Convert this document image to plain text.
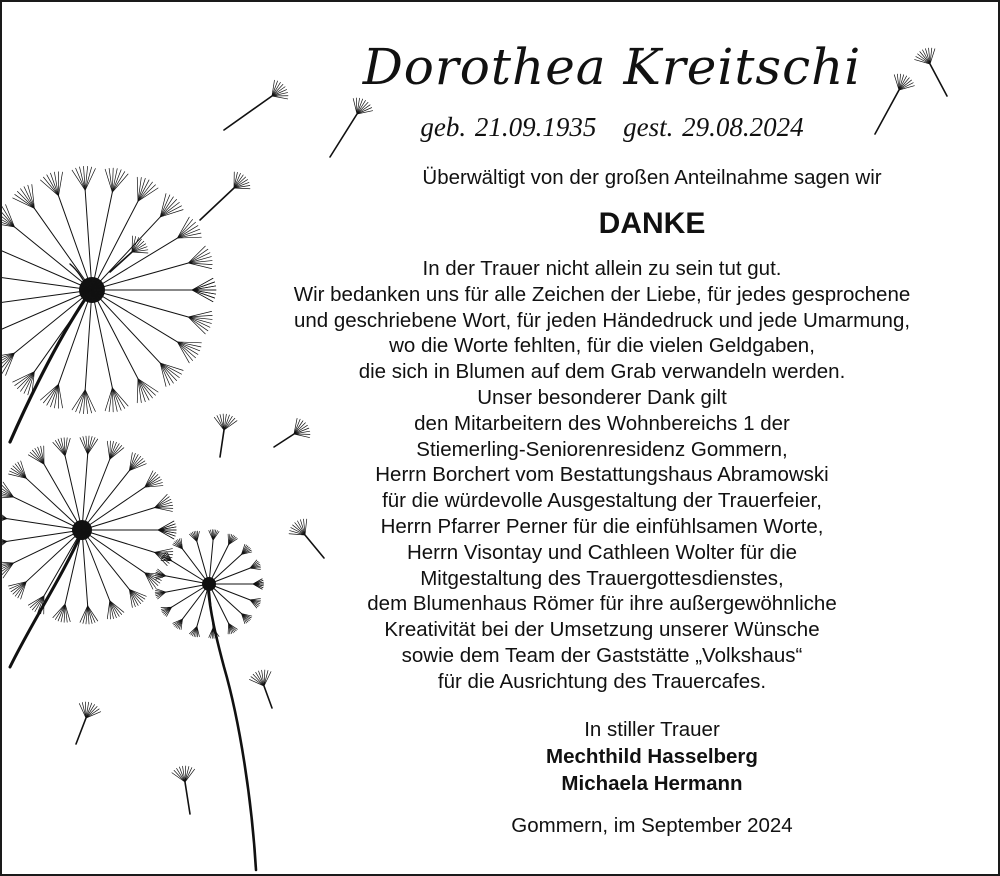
Dorothea Kreitschi
geb. 21.09.1935 gest. 29.08.2024
Überwältigt von der großen Anteilnahme sagen wir
DANKE
In der Trauer nicht allein zu sein tut gut.
Wir bedanken uns für alle Zeichen der Liebe, für jedes gesprochene
und geschriebene Wort, für jeden Händedruck und jede Umarmung,
wo die Worte fehlten, für die vielen Geldgaben,
die sich in Blumen auf dem Grab verwandeln werden.
Unser besonderer Dank gilt
den Mitarbeitern des Wohnbereichs 1 der
Stiemerling-Seniorenresidenz Gommern,
Herrn Borchert vom Bestattungshaus Abramowski
für die würdevolle Ausgestaltung der Trauerfeier,
Herrn Pfarrer Perner für die einfühlsamen Worte,
Herrn Visontay und Cathleen Wolter für die
Mitgestaltung des Trauergottesdienstes,
dem Blumenhaus Römer für ihre außergewöhnliche
Kreativität bei der Umsetzung unserer Wünsche
sowie dem Team der Gaststätte „Volkshaus“
für die Ausrichtung des Trauercafes.
In stiller Trauer
Mechthild Hasselberg
Michaela Hermann
Gommern, im September 2024
